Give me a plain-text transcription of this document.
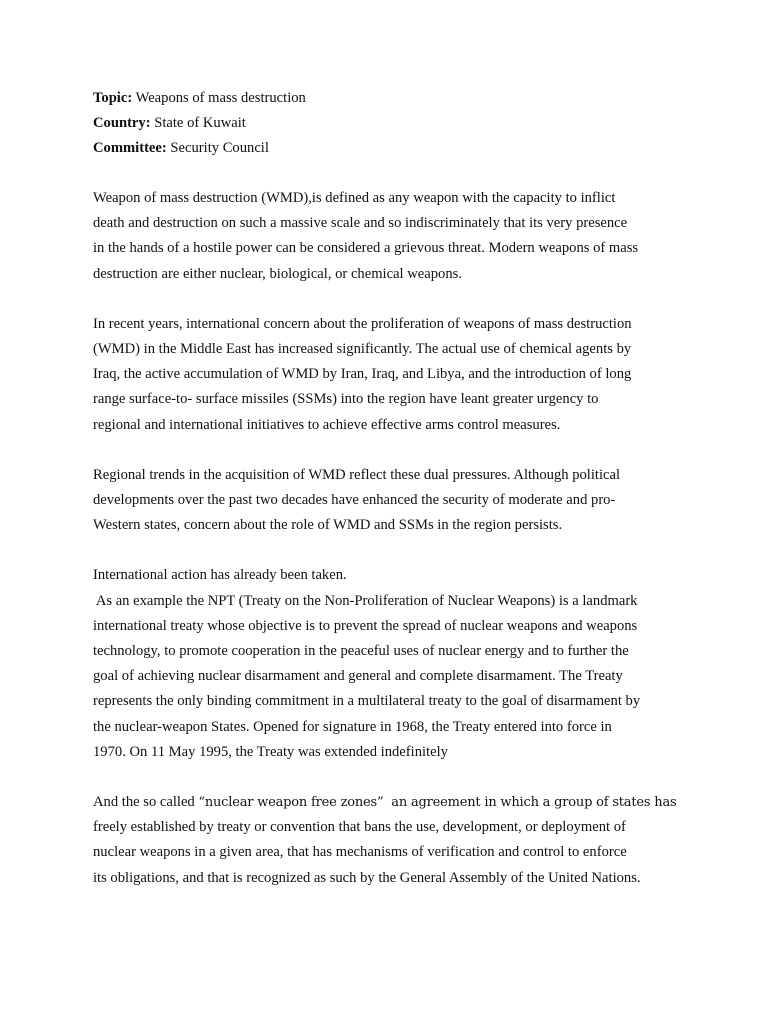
Topic: Weapons of mass destruction
Country: State of Kuwait
Committee: Security Council
Weapon of mass destruction (WMD),is defined as any weapon with the capacity to inflict
death and destruction on such a massive scale and so indiscriminately that its very presence
in the hands of a hostile power can be considered a grievous threat. Modern weapons of mass
destruction are either nuclear, biological, or chemical weapons.
In recent years, international concern about the proliferation of weapons of mass destruction
(WMD) in the Middle East has increased significantly. The actual use of chemical agents by
Iraq, the active accumulation of WMD by Iran, Iraq, and Libya, and the introduction of long
range surface-to- surface missiles (SSMs) into the region have leant greater urgency to
regional and international initiatives to achieve effective arms control measures.
Regional trends in the acquisition of WMD reflect these dual pressures. Although political
developments over the past two decades have enhanced the security of moderate and pro-
Western states, concern about the role of WMD and SSMs in the region persists.
International action has already been taken.
As an example the NPT (Treaty on the Non-Proliferation of Nuclear Weapons) is a landmark
international treaty whose objective is to prevent the spread of nuclear weapons and weapons
technology, to promote cooperation in the peaceful uses of nuclear energy and to further the
goal of achieving nuclear disarmament and general and complete disarmament. The Treaty
represents the only binding commitment in a multilateral treaty to the goal of disarmament by
the nuclear-weapon States. Opened for signature in 1968, the Treaty entered into force in
1970. On 11 May 1995, the Treaty was extended indefinitely
And the so called “nuclear weapon free zones”  an agreement in which a group of states has
freely established by treaty or convention that bans the use, development, or deployment of
nuclear weapons in a given area, that has mechanisms of verification and control to enforce
its obligations, and that is recognized as such by the General Assembly of the United Nations.
